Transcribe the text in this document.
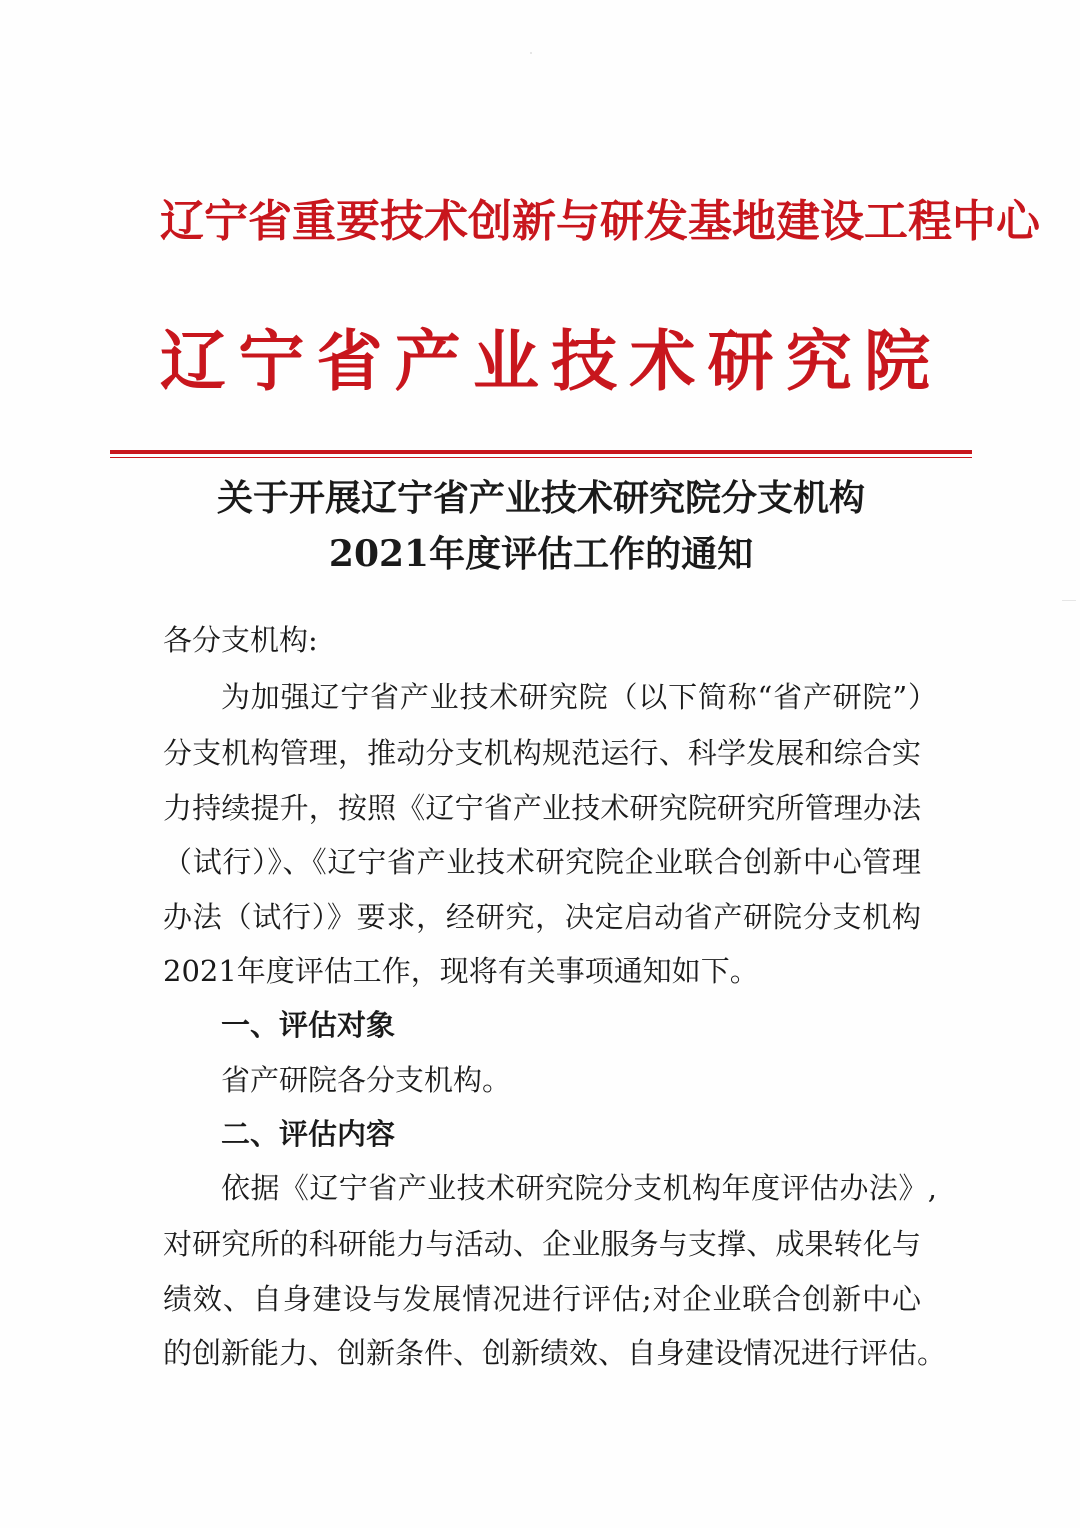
辽宁省重要技术创新与研发基地建设工程中心
辽宁省产业技术研究院
关于开展辽宁省产业技术研究院分支机构
2021年度评估工作的通知
各分支机构:
为加强辽宁省产业技术研究院（以下简称“省产研院”）
分支机构管理，推动分支机构规范运行、科学发展和综合实
力持续提升，按照《辽宁省产业技术研究院研究所管理办法
（试行）》、《辽宁省产业技术研究院企业联合创新中心管理
办法（试行）》要求，经研究，决定启动省产研院分支机构
2021年度评估工作，现将有关事项通知如下。
一、评估对象
省产研院各分支机构。
二、评估内容
依据《辽宁省产业技术研究院分支机构年度评估办法》,
对研究所的科研能力与活动、企业服务与支撑、成果转化与
绩效、自身建设与发展情况进行评估;对企业联合创新中心
的创新能力、创新条件、创新绩效、自身建设情况进行评估。
